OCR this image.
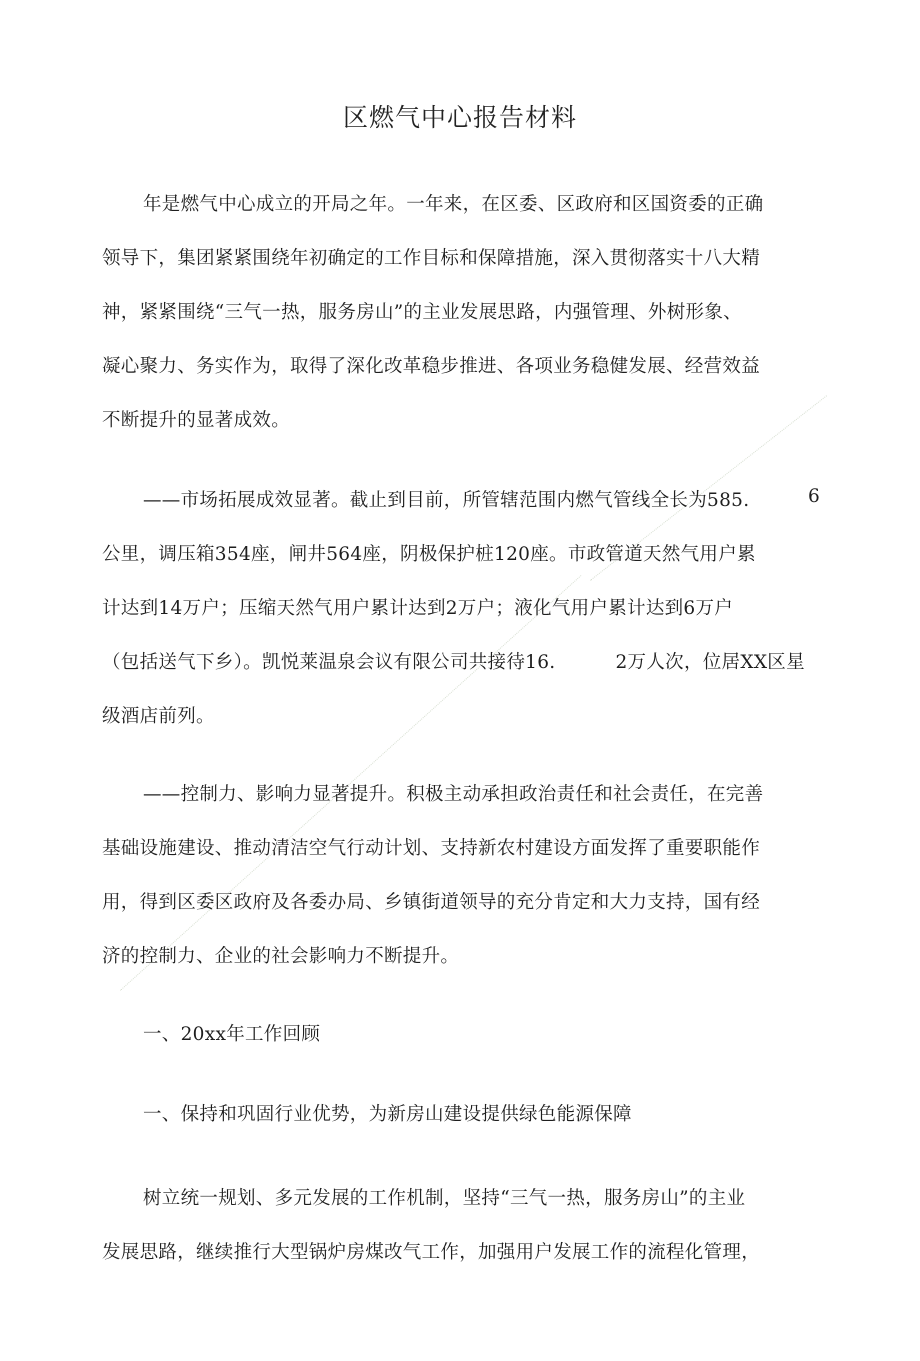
区燃气中心报告材料
年是燃气中心成立的开局之年。一年来，在区委、区政府和区国资委的正确
领导下，集团紧紧围绕年初确定的工作目标和保障措施，深入贯彻落实十八大精
神，紧紧围绕“三气一热，服务房山”的主业发展思路，内强管理、外树形象、
凝心聚力、务实作为，取得了深化改革稳步推进、各项业务稳健发展、经营效益
不断提升的显著成效。
——市场拓展成效显著。截止到目前，所管辖范围内燃气管线全长为585.	6
公里，调压箱354座，闸井564座，阴极保护桩120座。市政管道天然气用户累
计达到14万户；压缩天然气用户累计达到2万户；液化气用户累计达到6万户
（包括送气下乡）。凯悦莱温泉会议有限公司共接待16.	2万人次，位居XX区星
级酒店前列。
——控制力、影响力显著提升。积极主动承担政治责任和社会责任，在完善
基础设施建设、推动清洁空气行动计划、支持新农村建设方面发挥了重要职能作
用，得到区委区政府及各委办局、乡镇街道领导的充分肯定和大力支持，国有经
济的控制力、企业的社会影响力不断提升。
一、20xx年工作回顾
一、保持和巩固行业优势，为新房山建设提供绿色能源保障
树立统一规划、多元发展的工作机制，坚持“三气一热，服务房山”的主业
发展思路，继续推行大型锅炉房煤改气工作，加强用户发展工作的流程化管理，
